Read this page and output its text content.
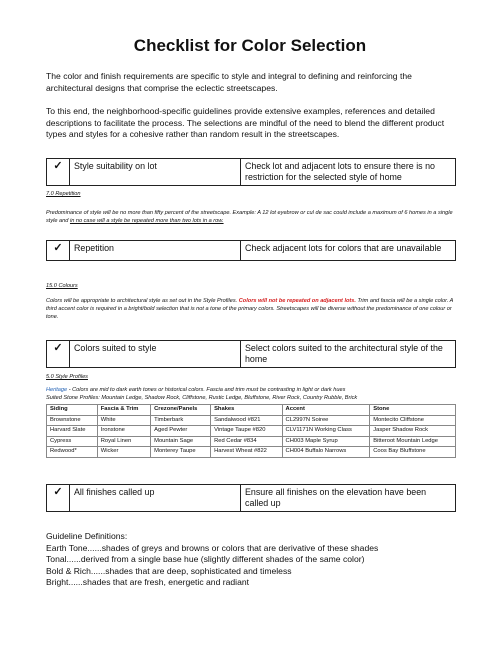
Checklist for Color Selection

The color and finish requirements are specific to style and integral to defining and reinforcing the architectural designs that comprise the eclectic streetscapes.

To this end, the neighborhood-specific guidelines provide extensive examples, references and detailed descriptions to facilitate the process. The selections are mindful of the need to blend the different product types and styles for a cohesive rather than random result in the streetscapes.

✓	Style suitability on lot	Check lot and adjacent lots to ensure there is no restriction for the selected style of home
7.0 Repetition

Predominance of style will be no more than fifty percent of the streetscape. Example: A 12 lot eyebrow or cul de sac could include a maximum of 6 homes in a single style and in no case will a style be repeated more than two lots in a row.

✓	Repetition	Check adjacent lots for colors that are unavailable
15.0 Colours

Colors will be appropriate to architectural style as set out in the Style Profiles. Colors will not be repeated on adjacent lots. Trim and fascia will be a single color. A third accent color is required in a bright/bold selection that is not a tone of the primary colors. Streetscapes will be diverse without the predominance of one colour or tone.

✓	Colors suited to style	Select colors suited to the architectural style of the home
5.0 Style Profiles
Heritage - Colors are mid to dark earth tones or historical colors. Fascia and trim must be contrasting in light or dark hues
Suited Stone Profiles: Mountain Ledge, Shadow Rock, Cliffstone, Rustic Ledge, Bluffstone, River Rock, Country Rubble, Brick
Siding	Fascia & Trim	Crezone/Panels	Shakes	Accent	Stone
Brownstone	White	Timberbark	Sandalwood #821	CL2997N Soiree	Montecito Cliffstone
Harvard Slate	Ironstone	Aged Pewter	Vintage Taupe #820	CLV1171N Working Class	Jasper Shadow Rock
Cypress	Royal Linen	Mountain Sage	Red Cedar #834	CH003 Maple Syrup	Bitteroot Mountain Ledge
Redwood*	Wicker	Monterey Taupe	Harvest Wheat #822	CH004 Buffalo Narrows	Coos Bay Bluffstone
✓	All finishes called up	Ensure all finishes on the elevation have been called up
Guideline Definitions:
Earth Tone......shades of greys and browns or colors that are derivative of these shades
Tonal......derived from a single base hue (slightly different shades of the same color)
Bold & Rich......shades that are deep, sophisticated and timeless
Bright......shades that are fresh, energetic and radiant
